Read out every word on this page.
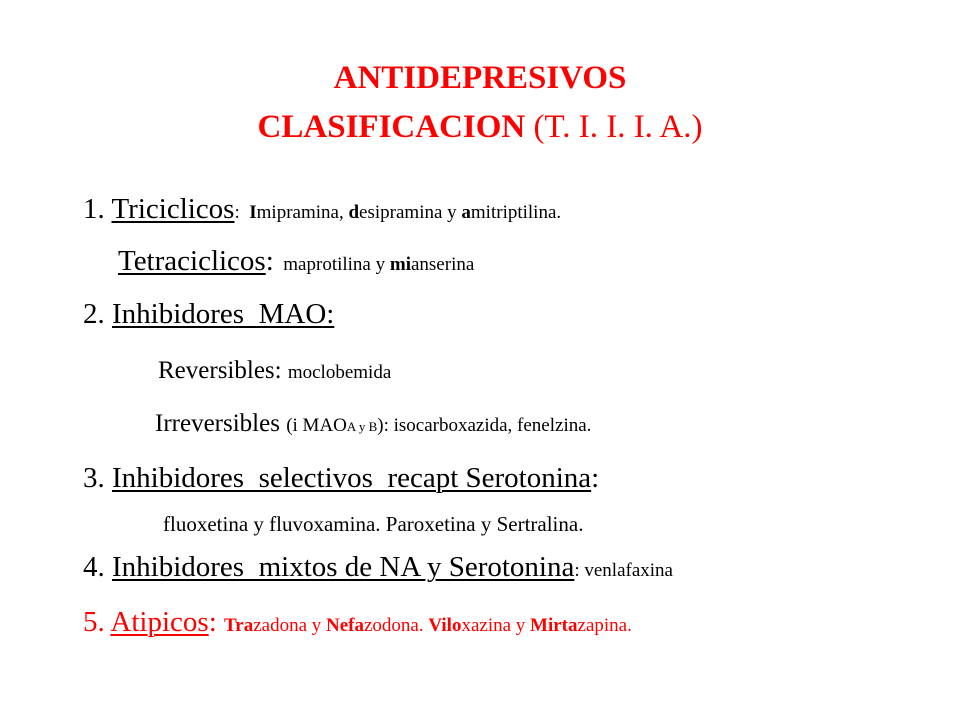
ANTIDEPRESIVOS
CLASIFICACION (T. I. I. I. A.)
1. Triciclicos: Imipramina, desipramina y amitriptilina.
Tetraciclicos: maprotilina y mianserina
2. Inhibidores  MAO:
Reversibles: moclobemida
Irreversibles (i MAOA y B): isocarboxazida, fenelzina.
3. Inhibidores  selectivos  recapt Serotonina:
fluoxetina y fluvoxamina. Paroxetina y Sertralina.
4. Inhibidores  mixtos de NA y Serotonina: venlafaxina
5. Atipicos: Trazadona y Nefazodona. Viloxazina y Mirtazapina.
